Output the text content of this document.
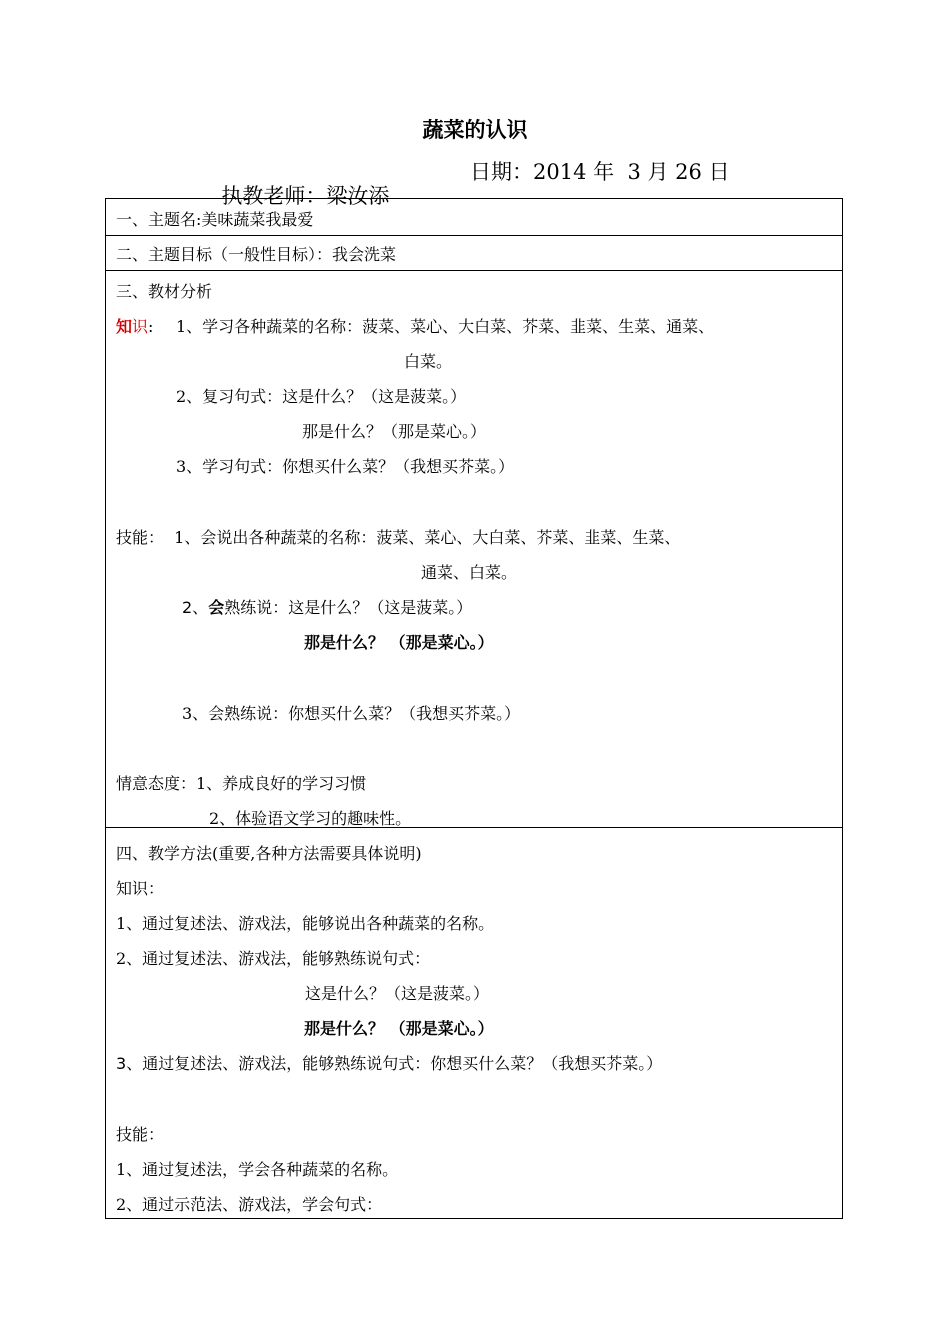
蔬菜的认识

执教老师：梁汝添

日期：2014 年  3 月 26 日

一、主题名:美味蔬菜我最爱
二、主题目标（一般性目标）：我会洗菜
三、教材分析
知识: 1、学习各种蔬菜的名称：菠菜、菜心、大白菜、芥菜、韭菜、生菜、通菜、
白菜。
2、复习句式：这是什么？（这是菠菜。）
那是什么？（那是菜心。）
3、学习句式：你想买什么菜？（我想买芥菜。）
技能：  1、会说出各种蔬菜的名称：菠菜、菜心、大白菜、芥菜、韭菜、生菜、
通菜、白菜。
2、会熟练说：这是什么？（这是菠菜。）
那是什么？ （那是菜心。）
3、会熟练说：你想买什么菜？（我想买芥菜。）
情意态度：1、养成良好的学习习惯
2、体验语文学习的趣味性。
四、教学方法(重要,各种方法需要具体说明)
知识：
1、通过复述法、游戏法，能够说出各种蔬菜的名称。
2、通过复述法、游戏法，能够熟练说句式：
这是什么？（这是菠菜。）
那是什么？ （那是菜心。）
3、通过复述法、游戏法，能够熟练说句式：你想买什么菜？（我想买芥菜。）
技能：
1、通过复述法，学会各种蔬菜的名称。
2、通过示范法、游戏法，学会句式：
